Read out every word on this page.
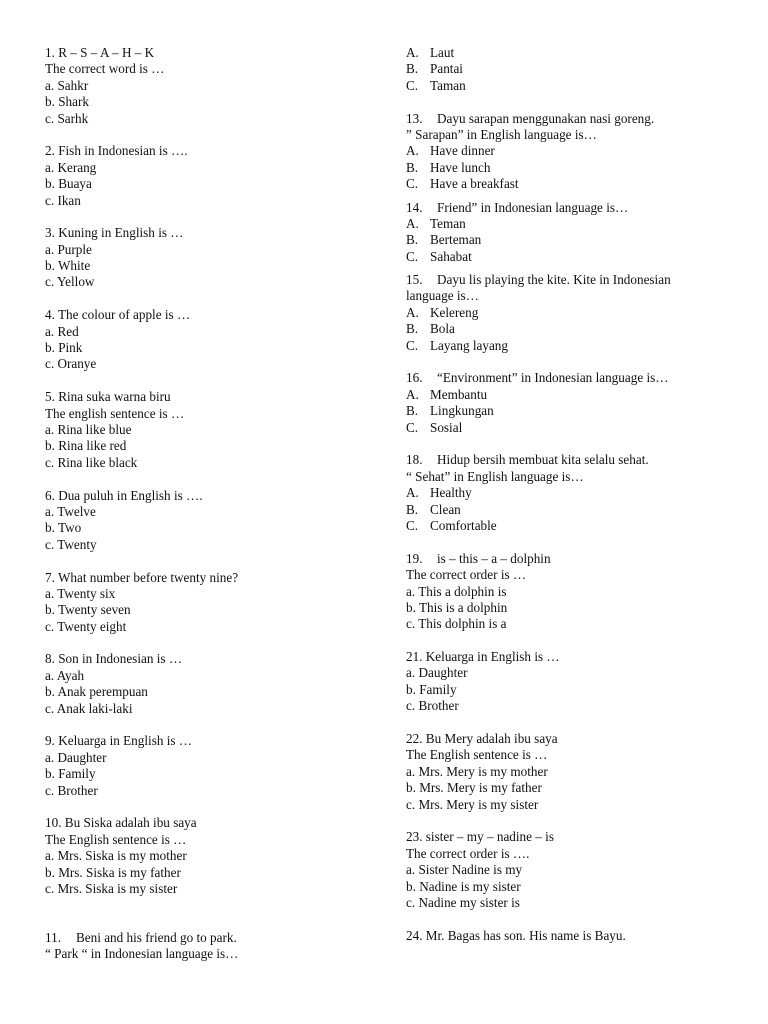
1. R – S – A – H – K
The correct word is …
a. Sahkr
b. Shark
c. Sarhk
2. Fish in Indonesian is ….
a. Kerang
b. Buaya
c. Ikan
3. Kuning in English is …
a. Purple
b. White
c. Yellow
4. The colour of apple is …
a. Red
b. Pink
c. Oranye
5. Rina suka warna biru
The english sentence is …
a. Rina like blue
b. Rina like red
c. Rina like black
6. Dua puluh in English is ….
a. Twelve
b. Two
c. Twenty
7. What number before twenty nine?
a. Twenty six
b. Twenty seven
c. Twenty eight
8. Son in Indonesian is …
a. Ayah
b. Anak perempuan
c. Anak laki-laki
9. Keluarga in English is …
a. Daughter
b. Family
c. Brother
10. Bu Siska adalah ibu saya
The English sentence is …
a. Mrs. Siska is my mother
b. Mrs. Siska is my father
c. Mrs. Siska is my sister
11. Beni and his friend go to park.
“ Park “ in Indonesian language is…
A. Laut
B. Pantai
C. Taman
13. Dayu sarapan menggunakan nasi goreng.
” Sarapan” in English language is…
A. Have dinner
B. Have lunch
C. Have a breakfast
14. Friend” in Indonesian language is…
A. Teman
B. Berteman
C. Sahabat
15. Dayu lis playing the kite. Kite in Indonesian
language is…
A. Kelereng
B. Bola
C. Layang layang
16. “Environment” in Indonesian language is…
A. Membantu
B. Lingkungan
C. Sosial
18. Hidup bersih membuat kita selalu sehat.
“ Sehat” in English language is…
A. Healthy
B. Clean
C. Comfortable
19. is – this – a – dolphin
The correct order is …
a. This a dolphin is
b. This is a dolphin
c. This dolphin is a
21. Keluarga in English is …
a. Daughter
b. Family
c. Brother
22. Bu Mery adalah ibu saya
The English sentence is …
a. Mrs. Mery is my mother
b. Mrs. Mery is my father
c. Mrs. Mery is my sister
23. sister – my – nadine – is
The correct order is ….
a. Sister Nadine is my
b. Nadine is my sister
c. Nadine my sister is
24. Mr. Bagas has son. His name is Bayu.
